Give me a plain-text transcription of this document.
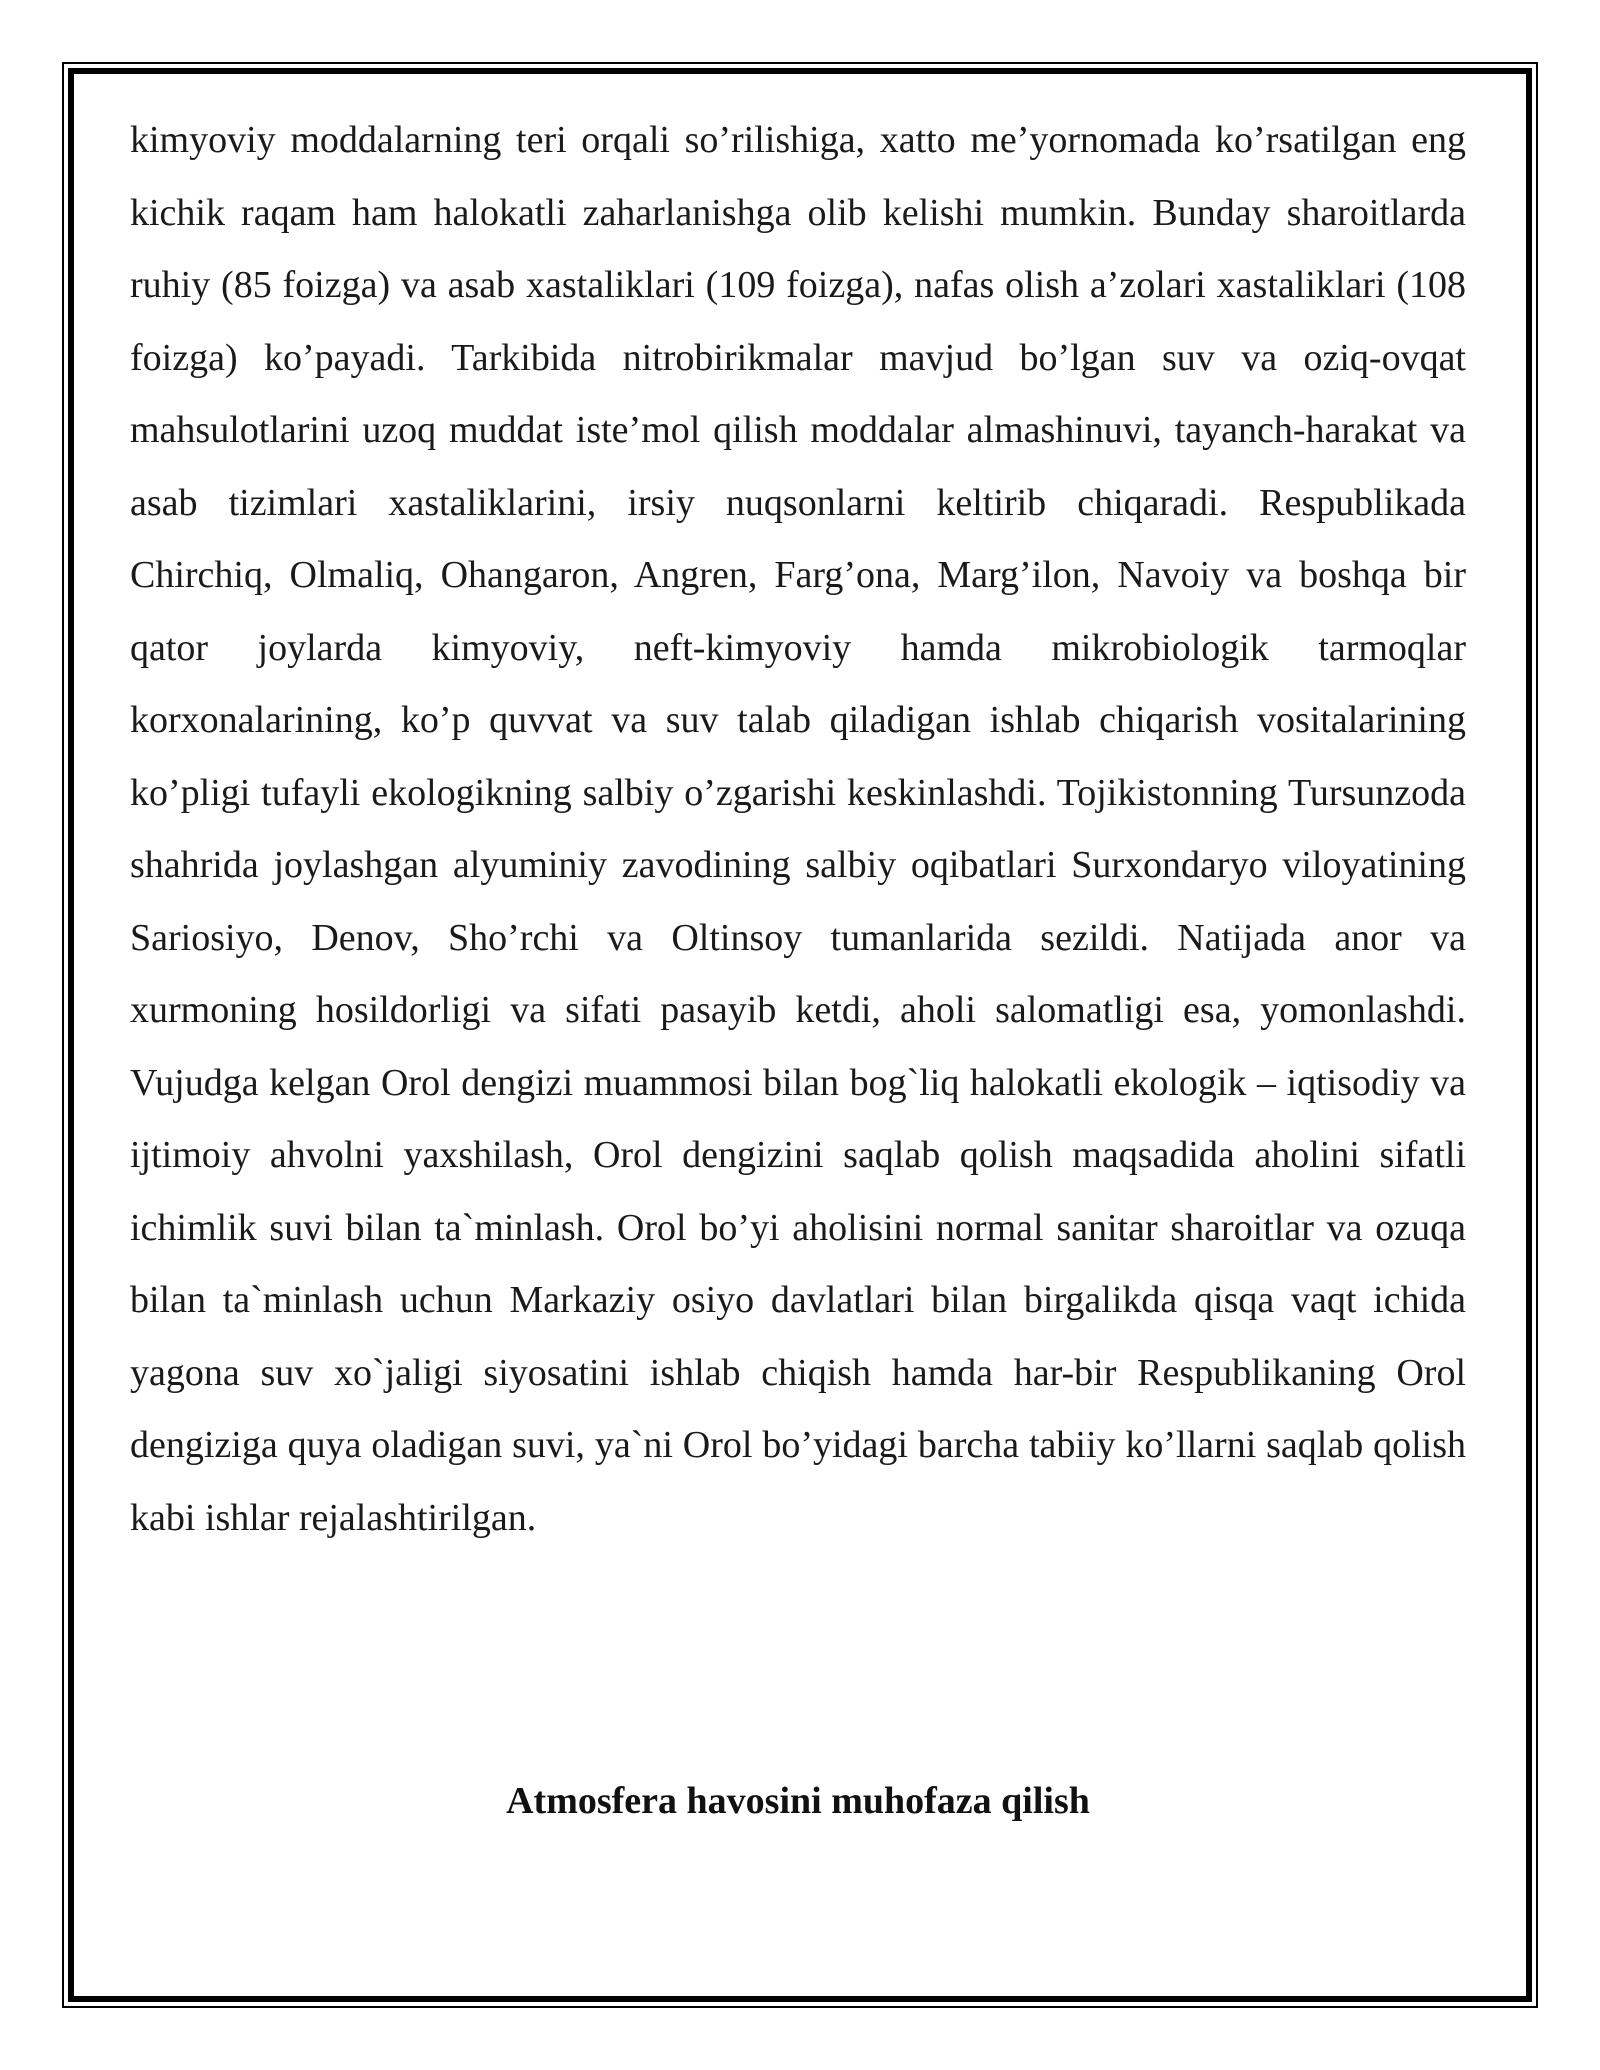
kimyoviy moddalarning teri orqali so’rilishiga, xatto me’yornomada ko’rsatilgan eng kichik raqam ham halokatli zaharlanishga olib kelishi mumkin. Bunday sharoitlarda ruhiy (85 foizga) va asab xastaliklari (109 foizga), nafas olish a’zolari xastaliklari (108 foizga) ko’payadi. Tarkibida nitrobirikmalar mavjud bo’lgan suv va oziq-ovqat mahsulotlarini uzoq muddat iste’mol qilish moddalar almashinuvi, tayanch-harakat va asab tizimlari xastaliklarini, irsiy nuqsonlarni keltirib chiqaradi. Respublikada Chirchiq, Olmaliq, Ohangaron, Angren, Farg’ona, Marg’ilon, Navoiy va boshqa bir qator joylarda kimyoviy, neft-kimyoviy hamda mikrobiologik tarmoqlar korxonalarining, ko’p quvvat va suv talab qiladigan ishlab chiqarish vositalarining ko’pligi tufayli ekologikning salbiy o’zgarishi keskinlashdi. Tojikistonning Tursunzoda shahrida joylashgan alyuminiy zavodining salbiy oqibatlari Surxondaryo viloyatining Sariosiyo, Denov, Sho’rchi va Oltinsoy tumanlarida sezildi. Natijada anor va xurmoning hosildorligi va sifati pasayib ketdi, aholi salomatligi esa, yomonlashdi. Vujudga kelgan Orol dengizi muammosi bilan bog`liq halokatli ekologik – iqtisodiy va ijtimoiy ahvolni yaxshilash, Orol dengizini saqlab qolish maqsadida aholini sifatli ichimlik suvi bilan ta`minlash. Orol bo’yi aholisini normal sanitar sharoitlar va ozuqa bilan ta`minlash uchun Markaziy osiyo davlatlari bilan birgalikda qisqa vaqt ichida yagona suv xo`jaligi siyosatini ishlab chiqish hamda har-bir Respublikaning Orol dengiziga quya oladigan suvi, ya`ni Orol bo’yidagi barcha tabiiy ko’llarni saqlab qolish kabi ishlar rejalashtirilgan.

Atmosfera havosini muhofaza qilish
